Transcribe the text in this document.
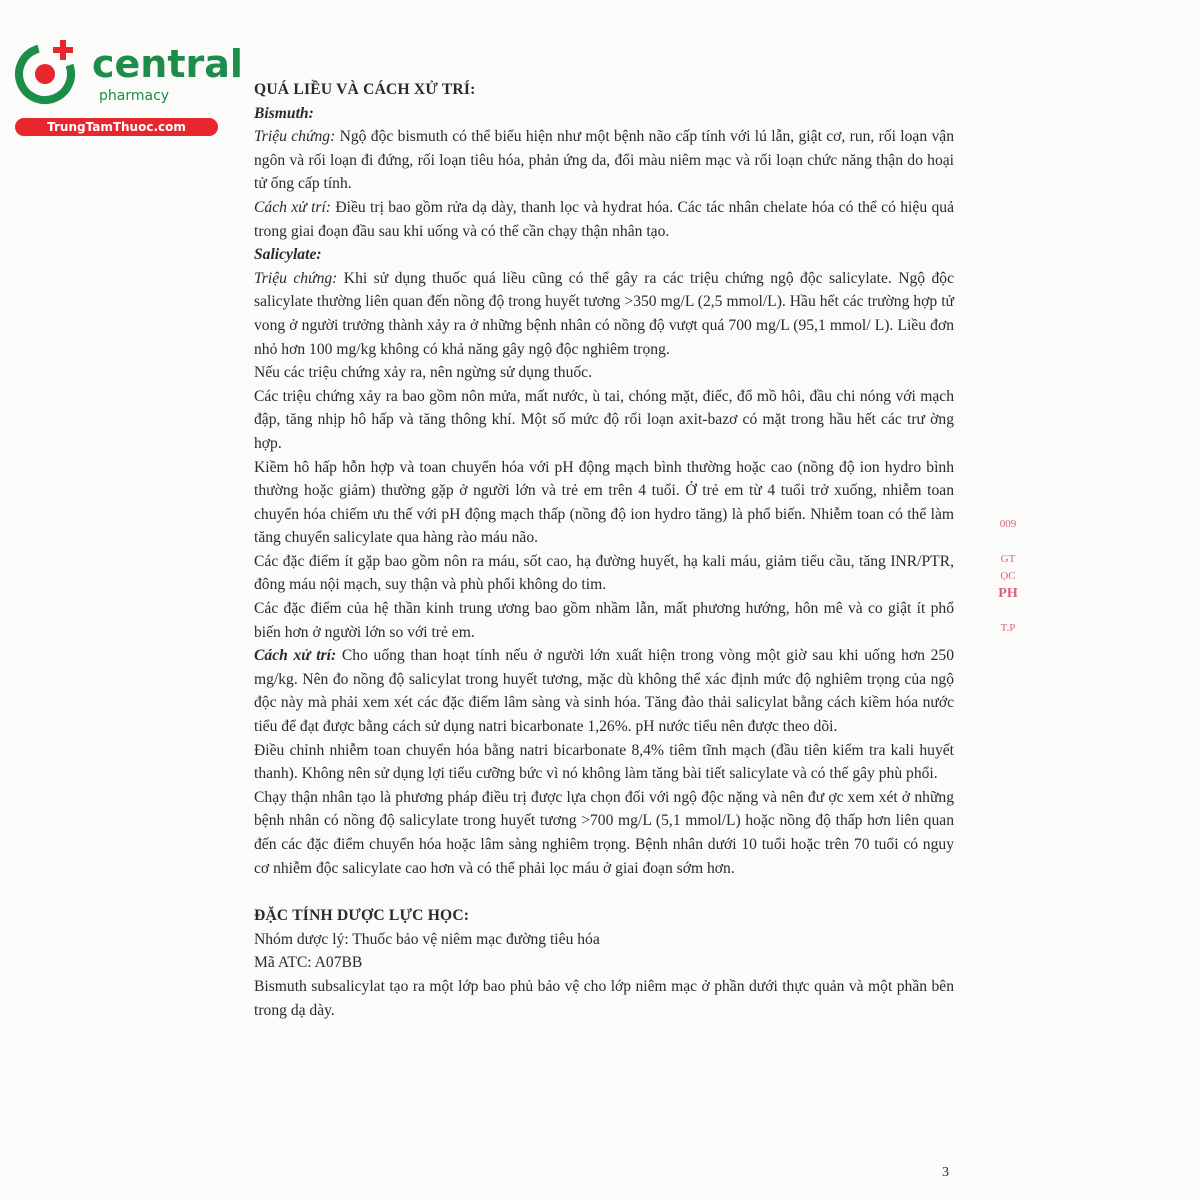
central
pharmacy
TrungTamThuoc.com

QUÁ LIỀU VÀ CÁCH XỬ TRÍ:

Bismuth:

Triệu chứng: Ngộ độc bismuth có thể biểu hiện như một bệnh não cấp tính với lú lẫn, giật cơ, run, rối loạn vận ngôn và rối loạn đi đứng, rối loạn tiêu hóa, phản ứng da, đổi màu niêm mạc và rối loạn chức năng thận do hoại tử ống cấp tính.

Cách xử trí: Điều trị bao gồm rửa dạ dày, thanh lọc và hydrat hóa. Các tác nhân chelate hóa có thể có hiệu quả trong giai đoạn đầu sau khi uống và có thể cần chạy thận nhân tạo.

Salicylate:

Triệu chứng: Khi sử dụng thuốc quá liều cũng có thể gây ra các triệu chứng ngộ độc salicylate. Ngộ độc salicylate thường liên quan đến nồng độ trong huyết tương >350 mg/L (2,5 mmol/L). Hầu hết các trường hợp tử vong ở người trưởng thành xảy ra ở những bệnh nhân có nồng độ vượt quá 700 mg/L (95,1 mmol/ L). Liều đơn nhỏ hơn 100 mg/kg không có khả năng gây ngộ độc nghiêm trọng.

Nếu các triệu chứng xảy ra, nên ngừng sử dụng thuốc.

Các triệu chứng xảy ra bao gồm nôn mửa, mất nước, ù tai, chóng mặt, điếc, đổ mồ hôi, đầu chi nóng với mạch đập, tăng nhịp hô hấp và tăng thông khí. Một số mức độ rối loạn axit-bazơ có mặt trong hầu hết các trư ờng hợp.

Kiềm hô hấp hỗn hợp và toan chuyển hóa với pH động mạch bình thường hoặc cao (nồng độ ion hydro bình thường hoặc giảm) thường gặp ở người lớn và trẻ em trên 4 tuổi. Ở trẻ em từ 4 tuổi trở xuống, nhiễm toan chuyển hóa chiếm ưu thế với pH động mạch thấp (nồng độ ion hydro tăng) là phổ biến. Nhiễm toan có thể làm tăng chuyển salicylate qua hàng rào máu não.

Các đặc điểm ít gặp bao gồm nôn ra máu, sốt cao, hạ đường huyết, hạ kali máu, giảm tiểu cầu, tăng INR/PTR, đông máu nội mạch, suy thận và phù phổi không do tim.

Các đặc điểm của hệ thần kinh trung ương bao gồm nhầm lẫn, mất phương hướng, hôn mê và co giật ít phổ biến hơn ở người lớn so với trẻ em.

Cách xử trí: Cho uống than hoạt tính nếu ở người lớn xuất hiện trong vòng một giờ sau khi uống hơn 250 mg/kg. Nên đo nồng độ salicylat trong huyết tương, mặc dù không thể xác định mức độ nghiêm trọng của ngộ độc này mà phải xem xét các đặc điểm lâm sàng và sinh hóa. Tăng đào thải salicylat bằng cách kiềm hóa nước tiểu để đạt được bằng cách sử dụng natri bicarbonate 1,26%. pH nước tiểu nên được theo dõi.

Điều chỉnh nhiễm toan chuyển hóa bằng natri bicarbonate 8,4% tiêm tĩnh mạch (đầu tiên kiểm tra kali huyết thanh). Không nên sử dụng lợi tiểu cưỡng bức vì nó không làm tăng bài tiết salicylate và có thể gây phù phổi.

Chạy thận nhân tạo là phương pháp điều trị được lựa chọn đối với ngộ độc nặng và nên đư ợc xem xét ở những bệnh nhân có nồng độ salicylate trong huyết tương >700 mg/L (5,1 mmol/L) hoặc nồng độ thấp hơn liên quan đến các đặc điểm chuyển hóa hoặc lâm sàng nghiêm trọng. Bệnh nhân dưới 10 tuổi hoặc trên 70 tuổi có nguy cơ nhiễm độc salicylate cao hơn và có thể phải lọc máu ở giai đoạn sớm hơn.

ĐẶC TÍNH DƯỢC LỰC HỌC:

Nhóm dược lý: Thuốc bảo vệ niêm mạc đường tiêu hóa

Mã ATC: A07BB

Bismuth subsalicylat tạo ra một lớp bao phủ bảo vệ cho lớp niêm mạc ở phần dưới thực quản và một phần bên trong dạ dày.

009
GT
ỌC
PH
T.P
3
